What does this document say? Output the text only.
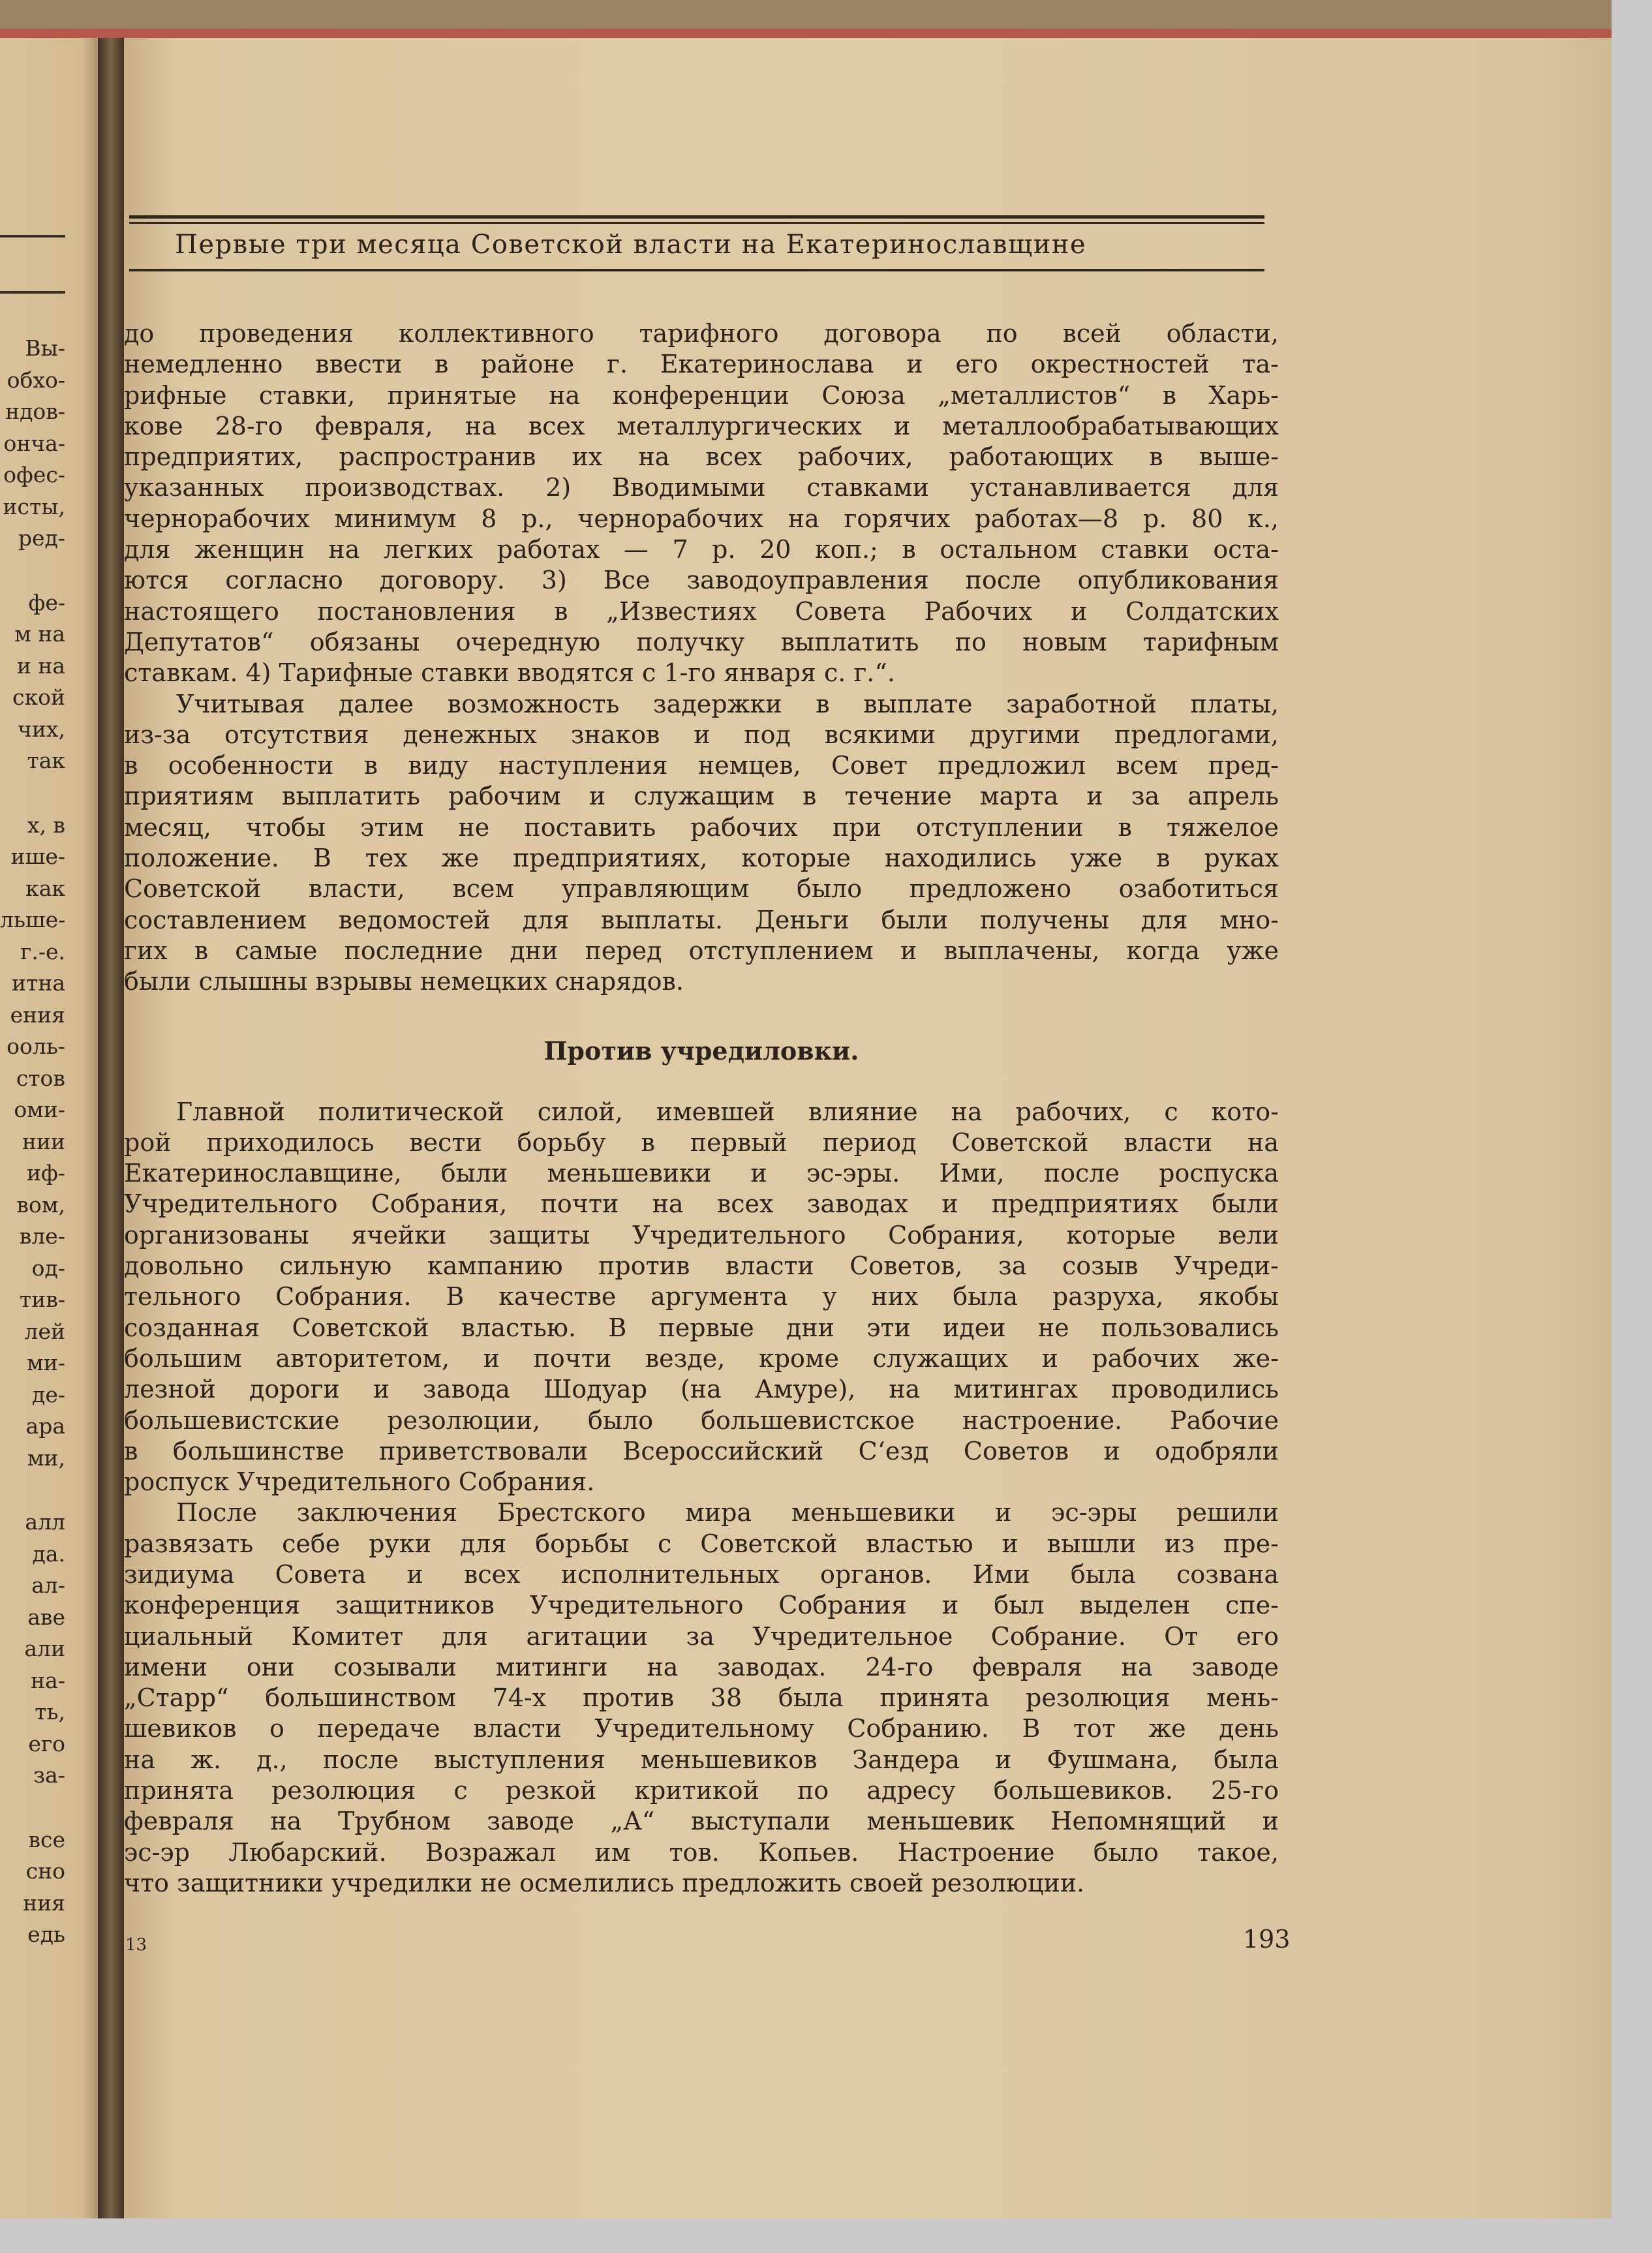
Вы-
обхо-
ндов-
онча-
офес-
исты,
ред-
фе-
м на
и на
ской
чих,
так
х, в
ише-
как
льше-
г.-е.
итна
ения
ооль-
стов
оми-
нии
иф-
вом,
вле-
од-
тив-
лей
ми-
де-
ара
ми,
алл
да.
ал-
аве
али
на-
ть,
его
за-
все
сно
ния
едь
Первые три месяца Советской власти на Екатеринославщине
до проведения коллективного тарифного договора по всей области,
немедленно ввести в районе г. Екатеринослава и его окрестностей та-
рифные ставки, принятые на конференции Союза „металлистов“ в Харь-
кове 28-го февраля, на всех металлургических и металлообрабатывающих
предприятих, распространив их на всех рабочих, работающих в выше-
указанных производствах. 2) Вводимыми ставками устанавливается для
чернорабочих минимум 8 р., чернорабочих на горячих работах—8 р. 80 к.,
для женщин на легких работах — 7 р. 20 коп.; в остальном ставки оста-
ются согласно договору. 3) Все заводоуправления после опубликования
настоящего постановления в „Известиях Совета Рабочих и Солдатских
Депутатов“ обязаны очередную получку выплатить по новым тарифным
ставкам. 4) Тарифные ставки вводятся с 1-го января с. г.“.
Учитывая далее возможность задержки в выплате заработной платы,
из-за отсутствия денежных знаков и под всякими другими предлогами,
в особенности в виду наступления немцев, Совет предложил всем пред-
приятиям выплатить рабочим и служащим в течение марта и за апрель
месяц, чтобы этим не поставить рабочих при отступлении в тяжелое
положение. В тех же предприятиях, которые находились уже в руках
Советской власти, всем управляющим было предложено озаботиться
составлением ведомостей для выплаты. Деньги были получены для мно-
гих в самые последние дни перед отступлением и выплачены, когда уже
были слышны взрывы немецких снарядов.
Против учредиловки.
Главной политической силой, имевшей влияние на рабочих, с кото-
рой приходилось вести борьбу в первый период Советской власти на
Екатеринославщине, были меньшевики и эс-эры. Ими, после роспуска
Учредительного Собрания, почти на всех заводах и предприятиях были
организованы ячейки защиты Учредительного Собрания, которые вели
довольно сильную кампанию против власти Советов, за созыв Учреди-
тельного Собрания. В качестве аргумента у них была разруха, якобы
созданная Советской властью. В первые дни эти идеи не пользовались
большим авторитетом, и почти везде, кроме служащих и рабочих же-
лезной дороги и завода Шодуар (на Амуре), на митингах проводились
большевистские резолюции, было большевистское настроение. Рабочие
в большинстве приветствовали Всероссийский С‘езд Советов и одобряли
роспуск Учредительного Собрания.
После заключения Брестского мира меньшевики и эс-эры решили
развязать себе руки для борьбы с Советской властью и вышли из пре-
зидиума Совета и всех исполнительных органов. Ими была созвана
конференция защитников Учредительного Собрания и был выделен спе-
циальный Комитет для агитации за Учредительное Собрание. От его
имени они созывали митинги на заводах. 24-го февраля на заводе
„Старр“ большинством 74-х против 38 была принята резолюция мень-
шевиков о передаче власти Учредительному Собранию. В тот же день
на ж. д., после выступления меньшевиков Зандера и Фушмана, была
принята резолюция с резкой критикой по адресу большевиков. 25-го
февраля на Трубном заводе „А“ выступали меньшевик Непомнящий и
эс-эр Любарский. Возражал им тов. Копьев. Настроение было такое,
что защитники учредилки не осмелились предложить своей резолюции.
13	193
